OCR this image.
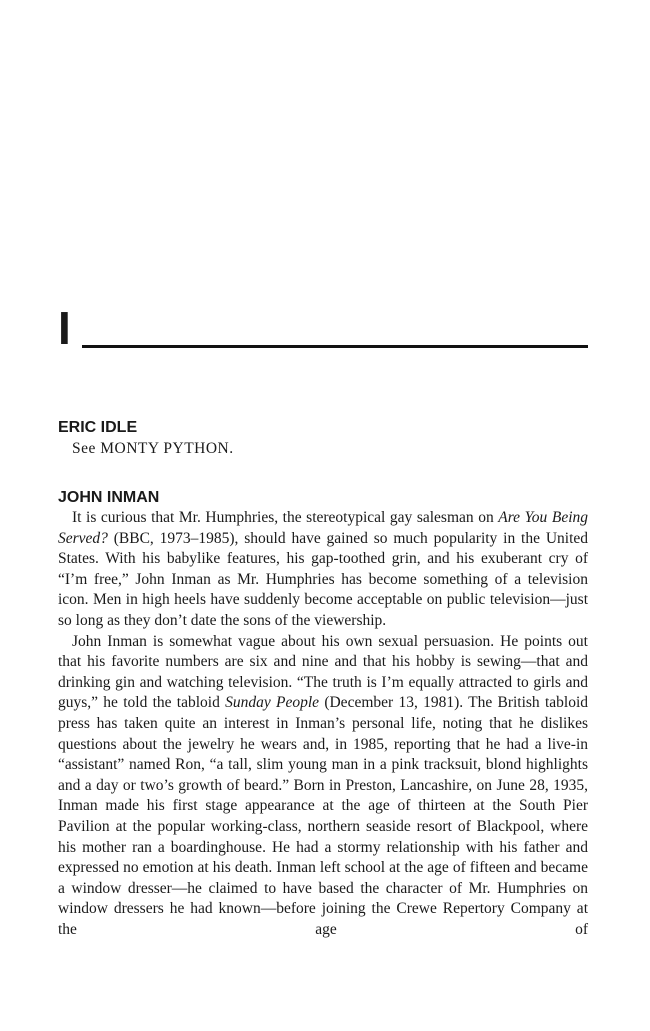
I
ERIC IDLE
See MONTY PYTHON.
JOHN INMAN

It is curious that Mr. Humphries, the stereotypical gay salesman on Are You Being Served? (BBC, 1973–1985), should have gained so much popularity in the United States. With his babylike features, his gap-toothed grin, and his exuberant cry of “I’m free,” John Inman as Mr. Humphries has become something of a television icon. Men in high heels have suddenly become acceptable on public television—just so long as they don’t date the sons of the viewership.

John Inman is somewhat vague about his own sexual persuasion. He points out that his favorite numbers are six and nine and that his hobby is sewing—that and drinking gin and watching television. “The truth is I’m equally attracted to girls and guys,” he told the tabloid Sunday People (December 13, 1981). The British tabloid press has taken quite an interest in Inman’s personal life, noting that he dislikes questions about the jewelry he wears and, in 1985, reporting that he had a live-in “assistant” named Ron, “a tall, slim young man in a pink tracksuit, blond highlights and a day or two’s growth of beard.” Born in Preston, Lancashire, on June 28, 1935, Inman made his first stage appearance at the age of thirteen at the South Pier Pavilion at the popular working-class, northern seaside resort of Blackpool, where his mother ran a boardinghouse. He had a stormy relationship with his father and expressed no emotion at his death. Inman left school at the age of fifteen and became a window dresser—he claimed to have based the character of Mr. Humphries on window dressers he had known—before joining the Crewe Repertory Company at the age of
